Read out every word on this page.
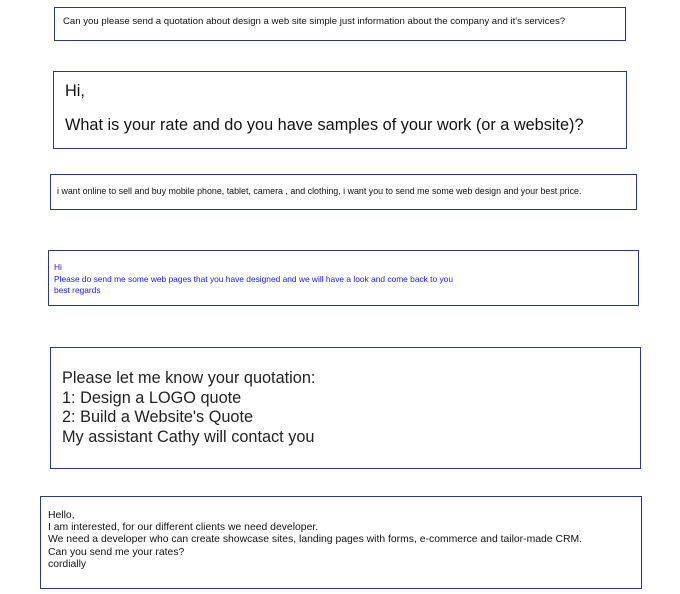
Can you please send a quotation about design a web site simple just information about the company and it's services?
Hi,
What is your rate and do you have samples of your work (or a website)?
i want online to sell and buy mobile phone, tablet, camera , and clothing, i want you to send me some web design and your best price.
Hi
Please do send me some web pages that you have designed and we will have a look and come back to you
best regards

Please let me know your quotation:
1: Design a LOGO quote
2: Build a Website's Quote
My assistant Cathy will contact you

Hello,
I am interested, for our different clients we need developer.
We need a developer who can create showcase sites, landing pages with forms, e-commerce and tailor-made CRM.
Can you send me your rates?
cordially
